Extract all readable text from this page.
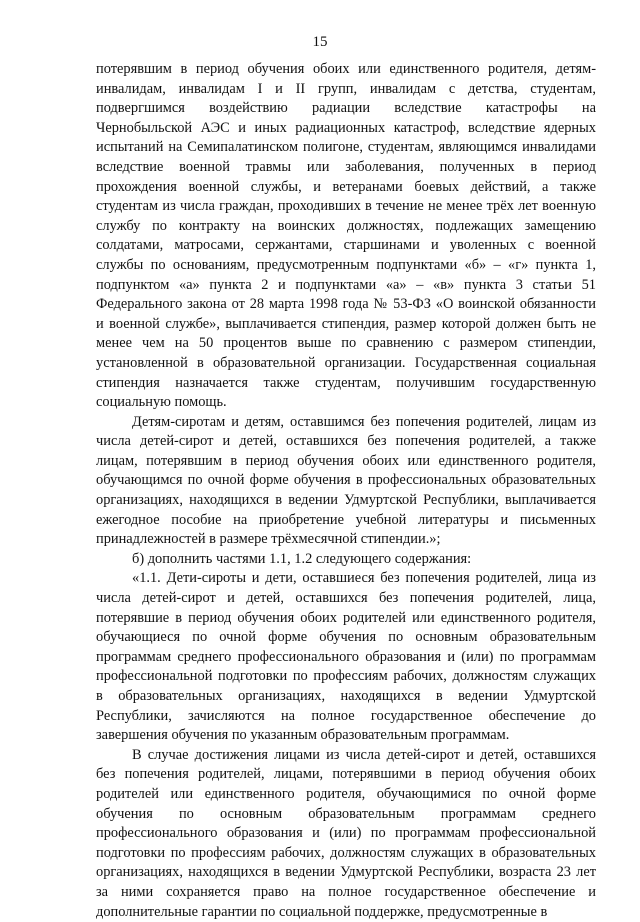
15
потерявшим в период обучения обоих или единственного родителя, детям-
инвалидам, инвалидам I и II групп, инвалидам с детства, студентам,
подвергшимся воздействию радиации вследствие катастрофы на
Чернобыльской АЭС и иных радиационных катастроф, вследствие ядерных
испытаний на Семипалатинском полигоне, студентам, являющимся инвалидами
вследствие военной травмы или заболевания, полученных в период
прохождения военной службы, и ветеранами боевых действий, а также
студентам из числа граждан, проходивших в течение не менее трёх лет военную
службу по контракту на воинских должностях, подлежащих замещению
солдатами, матросами, сержантами, старшинами и уволенных с военной
службы по основаниям, предусмотренным подпунктами «б» – «г» пункта 1,
подпунктом «а» пункта 2 и подпунктами «а» – «в» пункта 3 статьи 51
Федерального закона от 28 марта 1998 года № 53-ФЗ «О воинской обязанности
и военной службе», выплачивается стипендия, размер которой должен быть не
менее чем на 50 процентов выше по сравнению с размером стипендии,
установленной в образовательной организации. Государственная социальная
стипендия назначается также студентам, получившим государственную
социальную помощь.
Детям-сиротам и детям, оставшимся без попечения родителей, лицам из
числа детей-сирот и детей, оставшихся без попечения родителей, а также
лицам, потерявшим в период обучения обоих или единственного родителя,
обучающимся по очной форме обучения в профессиональных образовательных
организациях, находящихся в ведении Удмуртской Республики, выплачивается
ежегодное пособие на приобретение учебной литературы и письменных
принадлежностей в размере трёхмесячной стипендии.»;
б) дополнить частями 1.1, 1.2 следующего содержания:
«1.1. Дети-сироты и дети, оставшиеся без попечения родителей, лица из
числа детей-сирот и детей, оставшихся без попечения родителей, лица,
потерявшие в период обучения обоих родителей или единственного родителя,
обучающиеся по очной форме обучения по основным образовательным
программам среднего профессионального образования и (или) по программам
профессиональной подготовки по профессиям рабочих, должностям служащих
в образовательных организациях, находящихся в ведении Удмуртской
Республики, зачисляются на полное государственное обеспечение до
завершения обучения по указанным образовательным программам.
В случае достижения лицами из числа детей-сирот и детей, оставшихся
без попечения родителей, лицами, потерявшими в период обучения обоих
родителей или единственного родителя, обучающимися по очной форме
обучения по основным образовательным программам среднего
профессионального образования и (или) по программам профессиональной
подготовки по профессиям рабочих, должностям служащих в образовательных
организациях, находящихся в ведении Удмуртской Республики, возраста 23 лет
за ними сохраняется право на полное государственное обеспечение и
дополнительные гарантии по социальной поддержке, предусмотренные в
